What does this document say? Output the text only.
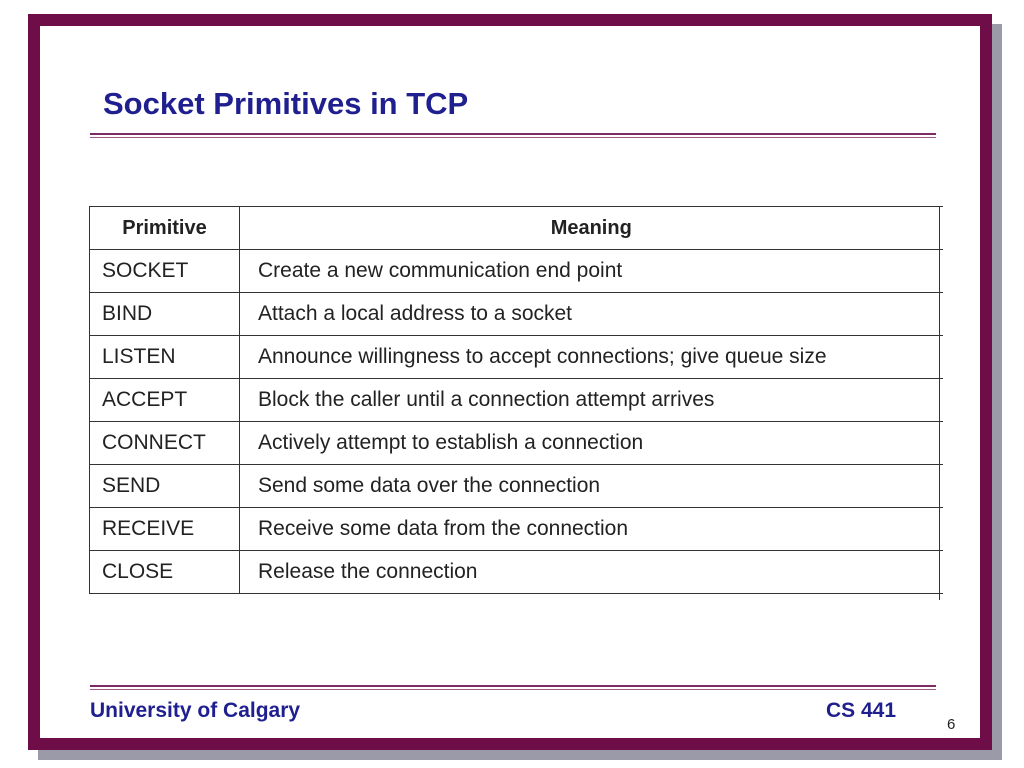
Socket Primitives in TCP
Primitive	Meaning
SOCKET	Create a new communication end point
BIND	Attach a local address to a socket
LISTEN	Announce willingness to accept connections; give queue size
ACCEPT	Block the caller until a connection attempt arrives
CONNECT	Actively attempt to establish a connection
SEND	Send some data over the connection
RECEIVE	Receive some data from the connection
CLOSE	Release the connection
University of Calgary	CS 441
6
